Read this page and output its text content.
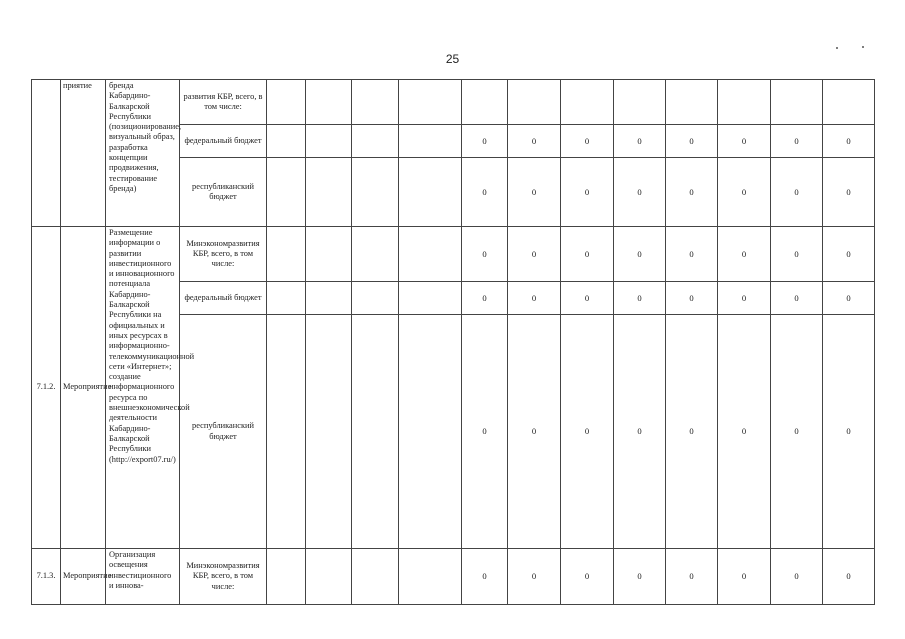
25
	приятие	бренда Кабардино-Балкарской Республики (позиционирование, визуальный образ, разработка концепции продвижения, тестирование бренда)	развития КБР, всего, в том числе:												
			федеральный бюджет					0	0	0	0	0	0	0	0
			республиканский бюджет					0	0	0	0	0	0	0	0
7.1.2.	Мероприятие	Размещение информации о развитии инвестиционного и инновационного потенциала Кабардино-Балкарской Республики на официальных и иных ресурсах в информационно-телекоммуникационной сети «Интернет»; создание информационного ресурса по внешнеэкономической деятельности Кабардино-Балкарской Республики (http://export07.ru/)	Минэкономразвития КБР, всего, в том числе:					0	0	0	0	0	0	0	0
			федеральный бюджет					0	0	0	0	0	0	0	0
			республиканский бюджет					0	0	0	0	0	0	0	0
7.1.3.	Мероприятие	Организация освещения инвестиционного и иннова-	Минэкономразвития КБР, всего, в том числе:					0	0	0	0	0	0	0	0
